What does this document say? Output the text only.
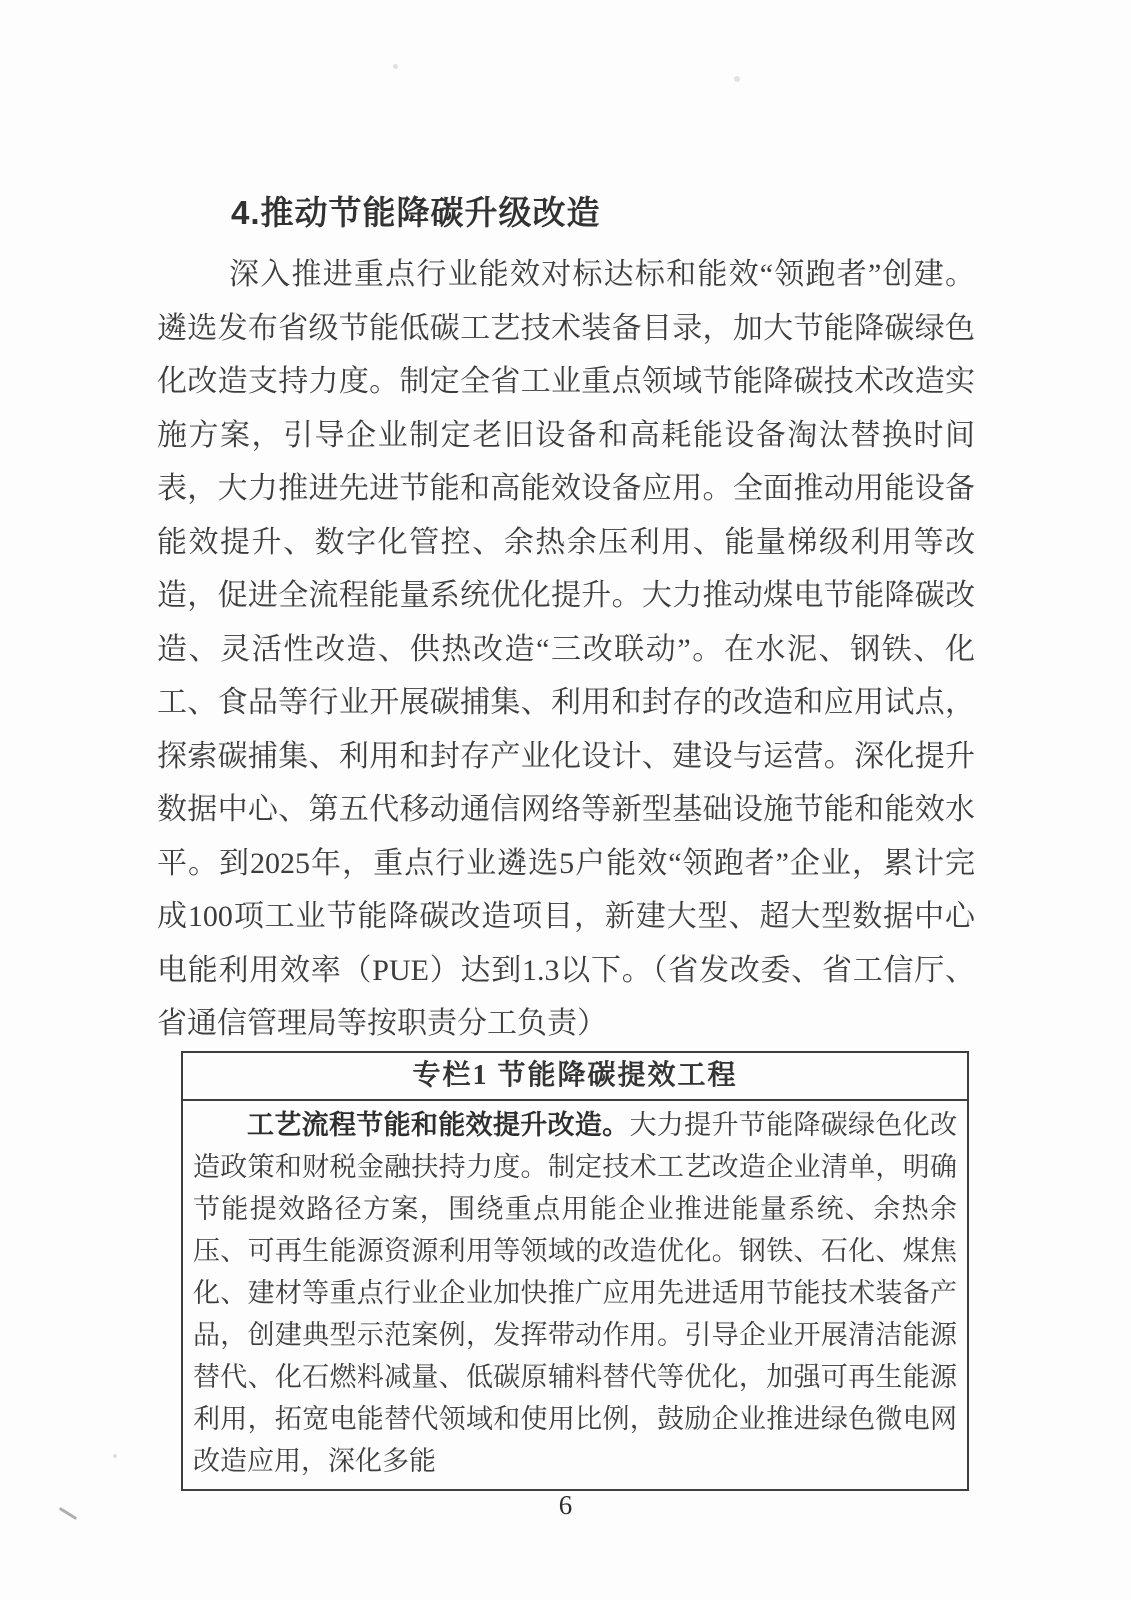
4.推动节能降碳升级改造

深入推进重点行业能效对标达标和能效“领跑者”创建。遴选发布省级节能低碳工艺技术装备目录，加大节能降碳绿色化改造支持力度。制定全省工业重点领域节能降碳技术改造实施方案，引导企业制定老旧设备和高耗能设备淘汰替换时间表，大力推进先进节能和高能效设备应用。全面推动用能设备能效提升、数字化管控、余热余压利用、能量梯级利用等改造，促进全流程能量系统优化提升。大力推动煤电节能降碳改造、灵活性改造、供热改造“三改联动”。在水泥、钢铁、化工、食品等行业开展碳捕集、利用和封存的改造和应用试点，探索碳捕集、利用和封存产业化设计、建设与运营。深化提升数据中心、第五代移动通信网络等新型基础设施节能和能效水平。到2025年，重点行业遴选5户能效“领跑者”企业，累计完成100项工业节能降碳改造项目，新建大型、超大型数据中心电能利用效率（PUE）达到1.3以下。（省发改委、省工信厅、省通信管理局等按职责分工负责）

专栏1 节能降碳提效工程
工艺流程节能和能效提升改造。大力提升节能降碳绿色化改造政策和财税金融扶持力度。制定技术工艺改造企业清单，明确节能提效路径方案，围绕重点用能企业推进能量系统、余热余压、可再生能源资源利用等领域的改造优化。钢铁、石化、煤焦化、建材等重点行业企业加快推广应用先进适用节能技术装备产品，创建典型示范案例，发挥带动作用。引导企业开展清洁能源替代、化石燃料减量、低碳原辅料替代等优化，加强可再生能源利用，拓宽电能替代领域和使用比例，鼓励企业推进绿色微电网改造应用，深化多能
6
